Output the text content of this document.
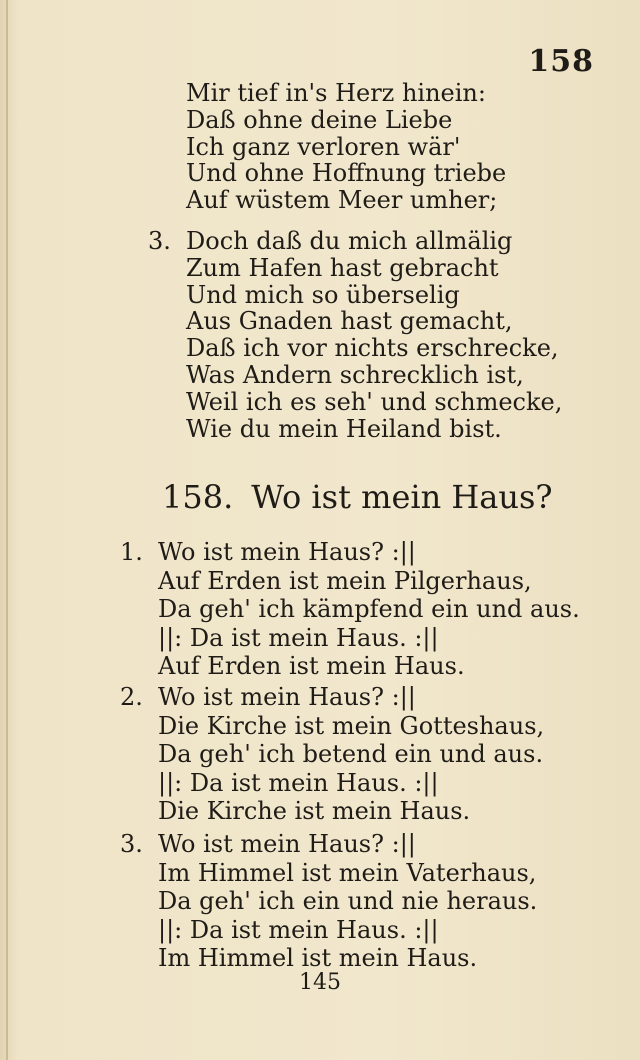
158
Mir tief in's Herz hinein:
Daß ohne deine Liebe
Ich ganz verloren wär'
Und ohne Hoffnung triebe
Auf wüstem Meer umher;
3. Doch daß du mich allmälig
Zum Hafen hast gebracht
Und mich so überselig
Aus Gnaden hast gemacht,
Daß ich vor nichts erschrecke,
Was Andern schrecklich ist,
Weil ich es seh' und schmecke,
Wie du mein Heiland bist.
158. Wo ist mein Haus?
1. Wo ist mein Haus? :||
Auf Erden ist mein Pilgerhaus,
Da geh' ich kämpfend ein und aus.
||: Da ist mein Haus. :||
Auf Erden ist mein Haus.
2. Wo ist mein Haus? :||
Die Kirche ist mein Gotteshaus,
Da geh' ich betend ein und aus.
||: Da ist mein Haus. :||
Die Kirche ist mein Haus.
3. Wo ist mein Haus? :||
Im Himmel ist mein Vaterhaus,
Da geh' ich ein und nie heraus.
||: Da ist mein Haus. :||
Im Himmel ist mein Haus.
145
